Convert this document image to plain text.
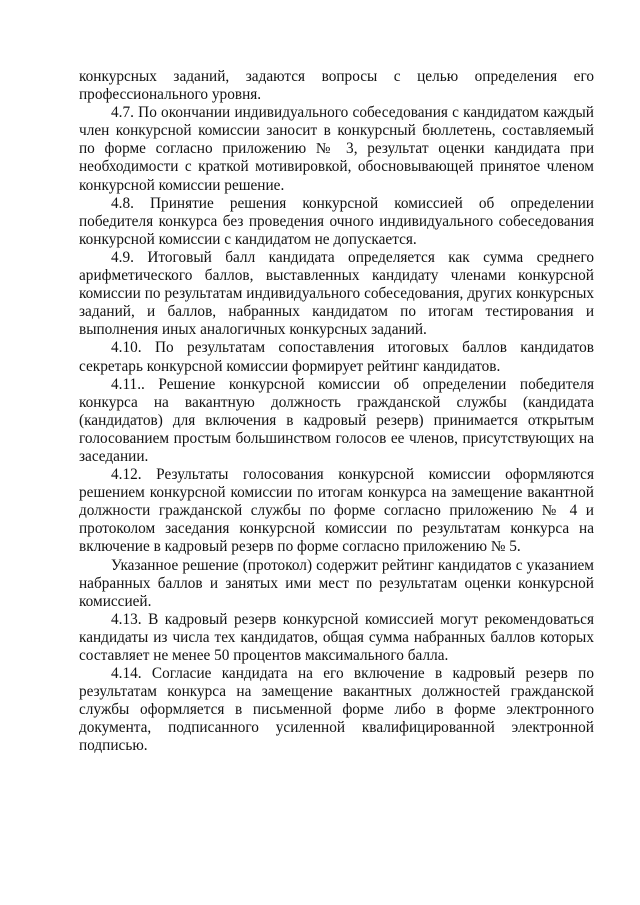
конкурсных заданий, задаются вопросы с целью определения его профессионального уровня.

4.7. По окончании индивидуального собеседования с кандидатом каждый член конкурсной комиссии заносит в конкурсный бюллетень, составляемый по форме согласно приложению № 3, результат оценки кандидата при необходимости с краткой мотивировкой, обосновывающей принятое членом конкурсной комиссии решение.

4.8. Принятие решения конкурсной комиссией об определении победителя конкурса без проведения очного индивидуального собеседования конкурсной комиссии с кандидатом не допускается.

4.9. Итоговый балл кандидата определяется как сумма среднего арифметического баллов, выставленных кандидату членами конкурсной комиссии по результатам индивидуального собеседования, других конкурсных заданий, и баллов, набранных кандидатом по итогам тестирования и выполнения иных аналогичных конкурсных заданий.

4.10. По результатам сопоставления итоговых баллов кандидатов секретарь конкурсной комиссии формирует рейтинг кандидатов.

4.11.. Решение конкурсной комиссии об определении победителя конкурса на вакантную должность гражданской службы (кандидата (кандидатов) для включения в кадровый резерв) принимается открытым голосованием простым большинством голосов ее членов, присутствующих на заседании.

4.12. Результаты голосования конкурсной комиссии оформляются решением конкурсной комиссии по итогам конкурса на замещение вакантной должности гражданской службы по форме согласно приложению № 4 и протоколом заседания конкурсной комиссии по результатам конкурса на включение в кадровый резерв по форме согласно приложению № 5.

Указанное решение (протокол) содержит рейтинг кандидатов с указанием набранных баллов и занятых ими мест по результатам оценки конкурсной комиссией.

4.13. В кадровый резерв конкурсной комиссией могут рекомендоваться кандидаты из числа тех кандидатов, общая сумма набранных баллов которых составляет не менее 50 процентов максимального балла.

4.14. Согласие кандидата на его включение в кадровый резерв по результатам конкурса на замещение вакантных должностей гражданской службы оформляется в письменной форме либо в форме электронного документа, подписанного усиленной квалифицированной электронной подписью.
